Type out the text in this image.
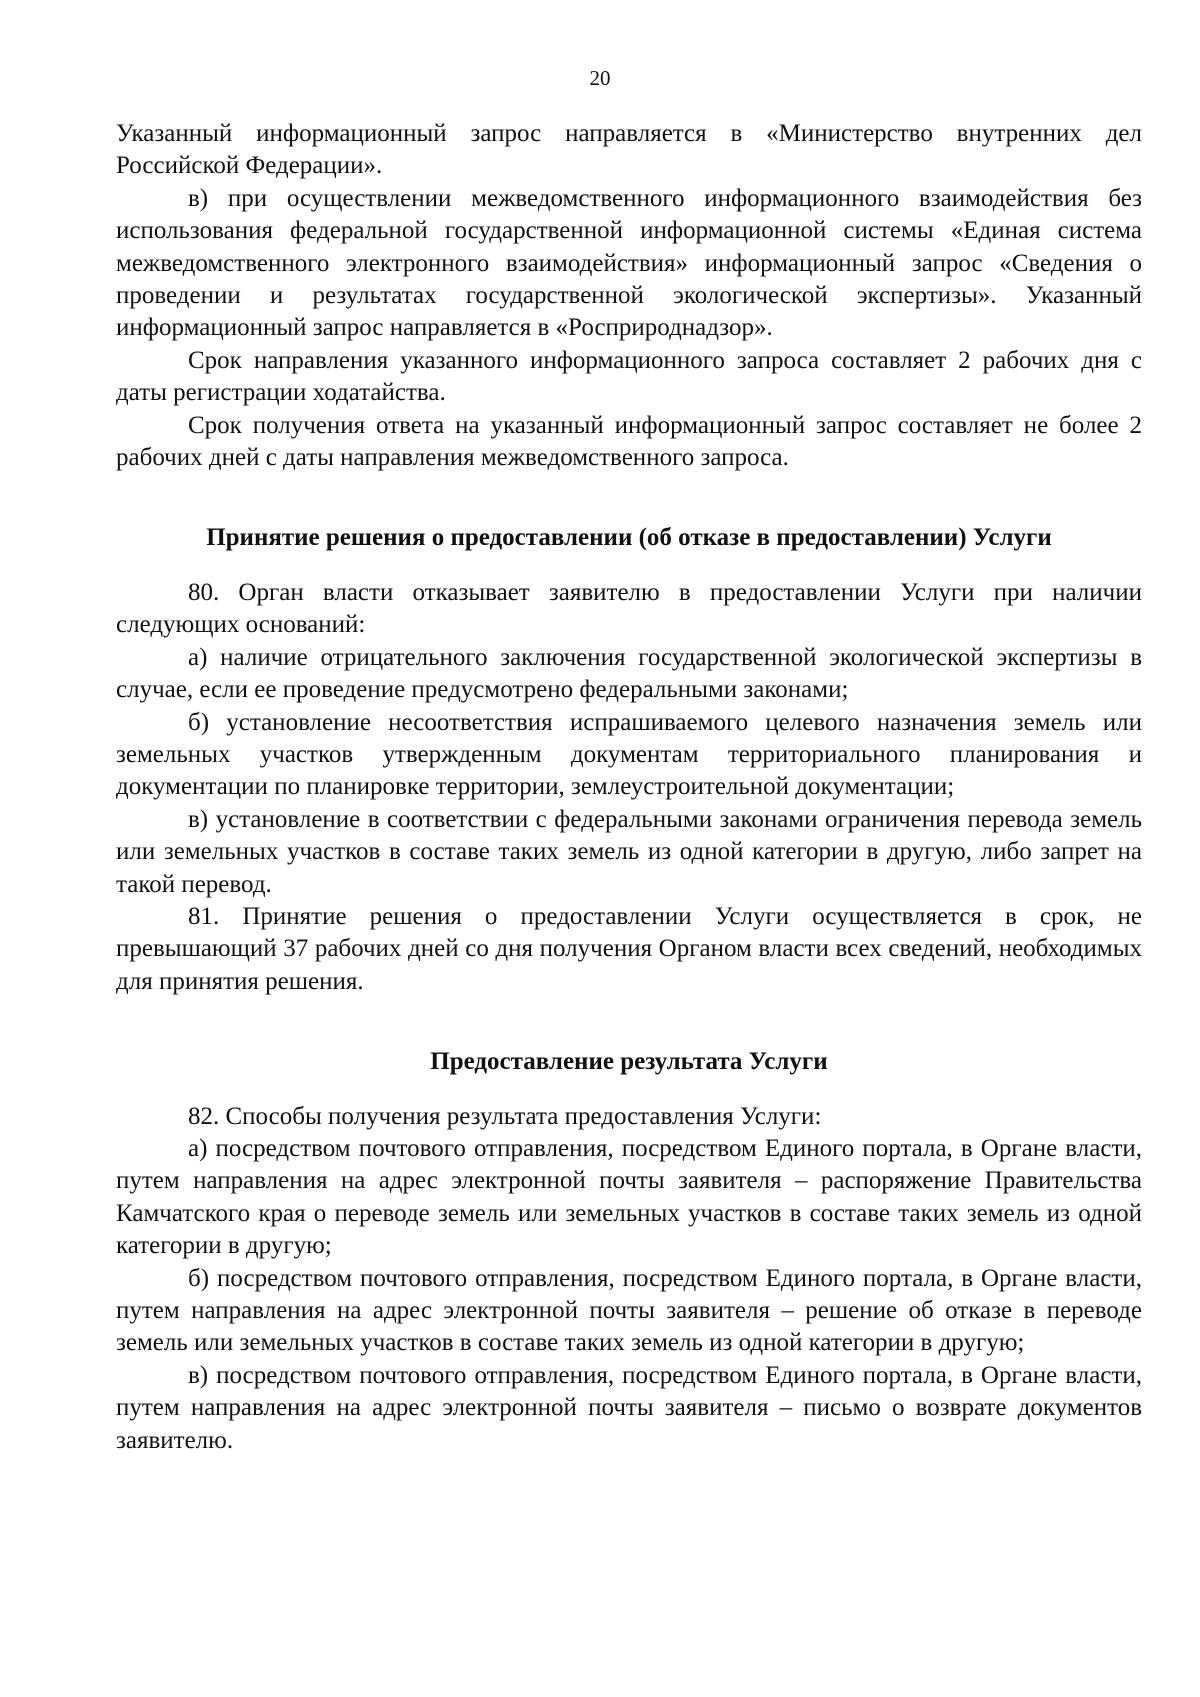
20

Указанный информационный запрос направляется в «Министерство внутренних дел Российской Федерации».

в) при осуществлении межведомственного информационного взаимодействия без использования федеральной государственной информационной системы «Единая система межведомственного электронного взаимодействия» информационный запрос «Сведения о проведении и результатах государственной экологической экспертизы». Указанный информационный запрос направляется в «Росприроднадзор».

Срок направления указанного информационного запроса составляет 2 рабочих дня с даты регистрации ходатайства.

Срок получения ответа на указанный информационный запрос составляет не более 2 рабочих дней с даты направления межведомственного запроса.

Принятие решения о предоставлении (об отказе в предоставлении) Услуги

80. Орган власти отказывает заявителю в предоставлении Услуги при наличии следующих оснований:

а) наличие отрицательного заключения государственной экологической экспертизы в случае, если ее проведение предусмотрено федеральными законами;

б) установление несоответствия испрашиваемого целевого назначения земель или земельных участков утвержденным документам территориального планирования и документации по планировке территории, землеустроительной документации;

в) установление в соответствии с федеральными законами ограничения перевода земель или земельных участков в составе таких земель из одной категории в другую, либо запрет на такой перевод.

81. Принятие решения о предоставлении Услуги осуществляется в срок, не превышающий 37 рабочих дней со дня получения Органом власти всех сведений, необходимых для принятия решения.

Предоставление результата Услуги

82. Способы получения результата предоставления Услуги:

а) посредством почтового отправления, посредством Единого портала, в Органе власти, путем направления на адрес электронной почты заявителя – распоряжение Правительства Камчатского края о переводе земель или земельных участков в составе таких земель из одной категории в другую;

б) посредством почтового отправления, посредством Единого портала, в Органе власти, путем направления на адрес электронной почты заявителя – решение об отказе в переводе земель или земельных участков в составе таких земель из одной категории в другую;

в) посредством почтового отправления, посредством Единого портала, в Органе власти, путем направления на адрес электронной почты заявителя – письмо о возврате документов заявителю.
